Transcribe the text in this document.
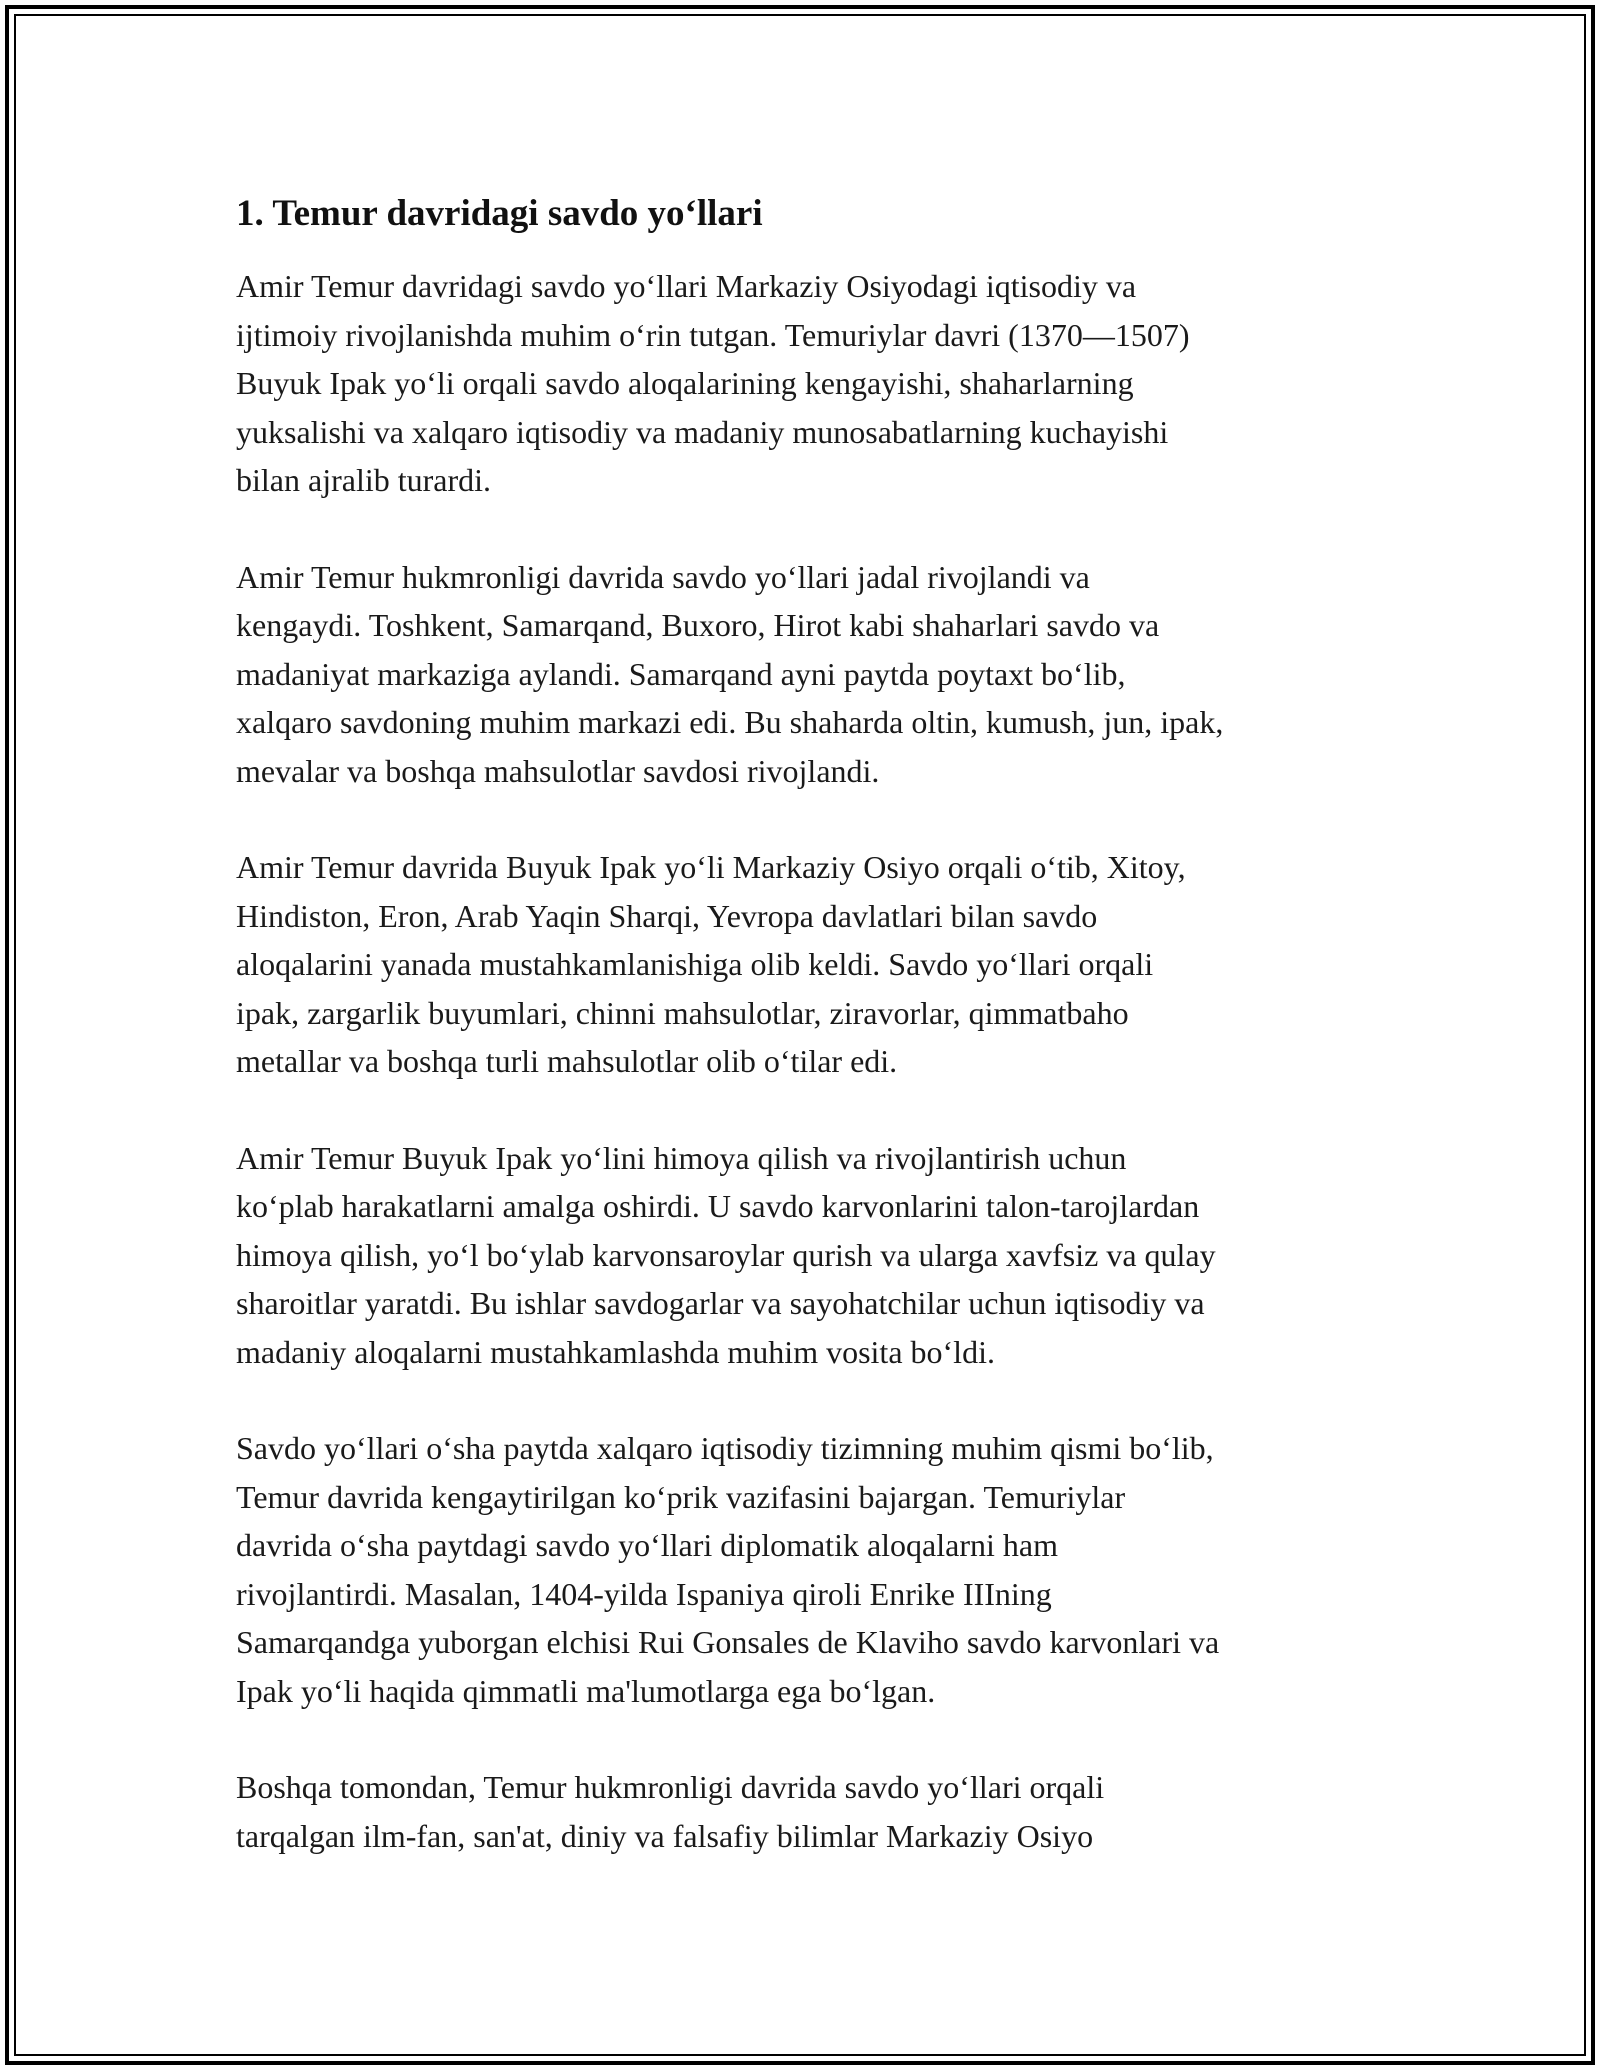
1. Temur davridagi savdo yo‘llari

Amir Temur davridagi savdo yo‘llari Markaziy Osiyodagi iqtisodiy va
ijtimoiy rivojlanishda muhim o‘rin tutgan. Temuriylar davri (1370—1507)
Buyuk Ipak yo‘li orqali savdo aloqalarining kengayishi, shaharlarning
yuksalishi va xalqaro iqtisodiy va madaniy munosabatlarning kuchayishi
bilan ajralib turardi.

Amir Temur hukmronligi davrida savdo yo‘llari jadal rivojlandi va
kengaydi. Toshkent, Samarqand, Buxoro, Hirot kabi shaharlari savdo va
madaniyat markaziga aylandi. Samarqand ayni paytda poytaxt bo‘lib,
xalqaro savdoning muhim markazi edi. Bu shaharda oltin, kumush, jun, ipak,
mevalar va boshqa mahsulotlar savdosi rivojlandi.

Amir Temur davrida Buyuk Ipak yo‘li Markaziy Osiyo orqali o‘tib, Xitoy,
Hindiston, Eron, Arab Yaqin Sharqi, Yevropa davlatlari bilan savdo
aloqalarini yanada mustahkamlanishiga olib keldi. Savdo yo‘llari orqali
ipak, zargarlik buyumlari, chinni mahsulotlar, ziravorlar, qimmatbaho
metallar va boshqa turli mahsulotlar olib o‘tilar edi.

Amir Temur Buyuk Ipak yo‘lini himoya qilish va rivojlantirish uchun
ko‘plab harakatlarni amalga oshirdi. U savdo karvonlarini talon-tarojlardan
himoya qilish, yo‘l bo‘ylab karvonsaroylar qurish va ularga xavfsiz va qulay
sharoitlar yaratdi. Bu ishlar savdogarlar va sayohatchilar uchun iqtisodiy va
madaniy aloqalarni mustahkamlashda muhim vosita bo‘ldi.

Savdo yo‘llari o‘sha paytda xalqaro iqtisodiy tizimning muhim qismi bo‘lib,
Temur davrida kengaytirilgan ko‘prik vazifasini bajargan. Temuriylar
davrida o‘sha paytdagi savdo yo‘llari diplomatik aloqalarni ham
rivojlantirdi. Masalan, 1404-yilda Ispaniya qiroli Enrike IIIning
Samarqandga yuborgan elchisi Rui Gonsales de Klaviho savdo karvonlari va
Ipak yo‘li haqida qimmatli ma'lumotlarga ega bo‘lgan.

Boshqa tomondan, Temur hukmronligi davrida savdo yo‘llari orqali
tarqalgan ilm-fan, san'at, diniy va falsafiy bilimlar Markaziy Osiyo
